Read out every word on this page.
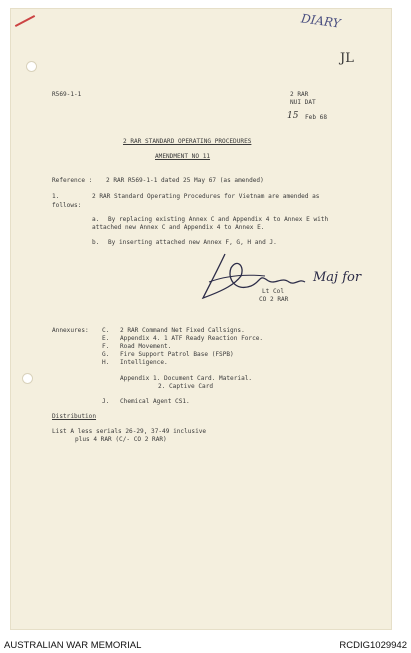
DIARY
JL
R569-1-1	2 RAR
NUI DAT
15 Feb 68
2 RAR STANDARD OPERATING PROCEDURES
AMENDMENT NO 11
Reference : 2 RAR R569-1-1 dated 25 May 67 (as amended)
1.	2 RAR Standard Operating Procedures for Vietnam are amended as
follows:
a. By replacing existing Annex C and Appendix 4 to Annex E with
attached new Annex C and Appendix 4 to Annex E.
b. By inserting attached new Annex F, G, H and J.
Maj for
Lt Col
CO 2 RAR
Annexures: C. 2 RAR Command Net Fixed Callsigns.
E. Appendix 4. 1 ATF Ready Reaction Force.
F. Road Movement.
G. Fire Support Patrol Base (FSPB)
H. Intelligence.
Appendix 1. Document Card. Material.
2. Captive Card
J. Chemical Agent CS1.
Distribution
List A less serials 26-29, 37-49 inclusive
plus 4 RAR (C/- CO 2 RAR)
AUSTRALIAN WAR MEMORIAL	RCDIG1029942
